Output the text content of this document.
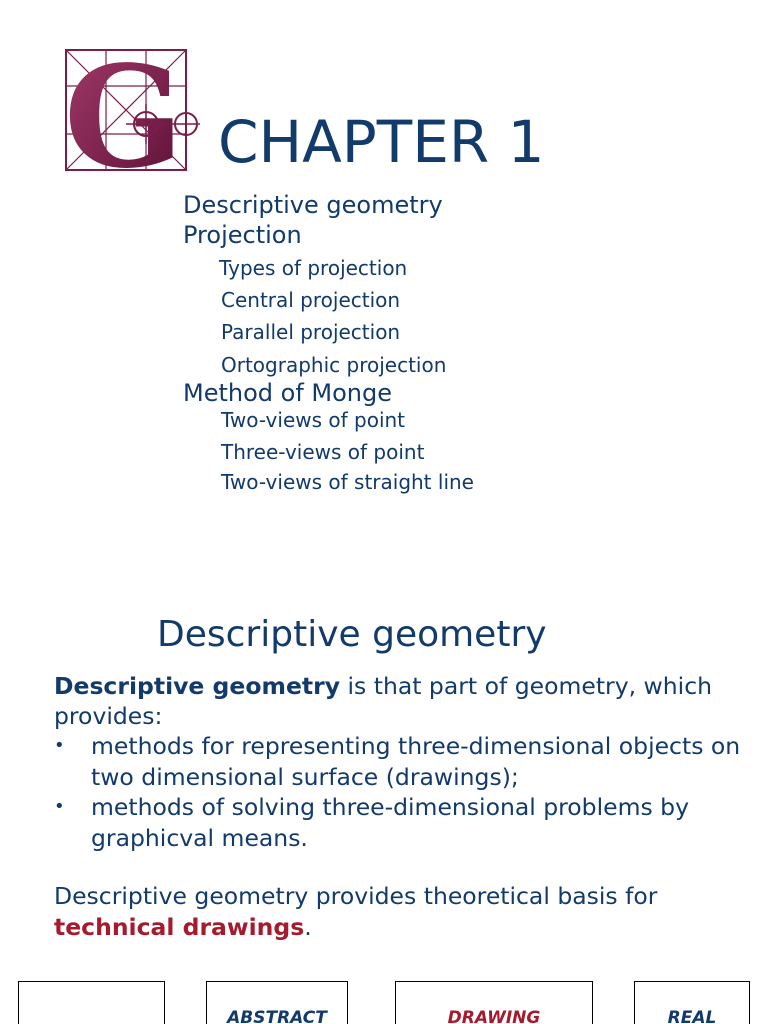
G CHAPTER 1
Descriptive geometry
Projection
Types of projection
Central projection
Parallel projection
Ortographic projection
Method of Monge
Two-views of point
Three-views of point
Two-views of straight line
Descriptive geometry
Descriptive geometry is that part of geometry, which provides:
• methods for representing three-dimensional objects on two dimensional surface (drawings);
• methods of solving three-dimensional problems by graphicval means.
Descriptive geometry provides theoretical basis for technical drawings.
ABSTRACT	DRAWING	REAL
